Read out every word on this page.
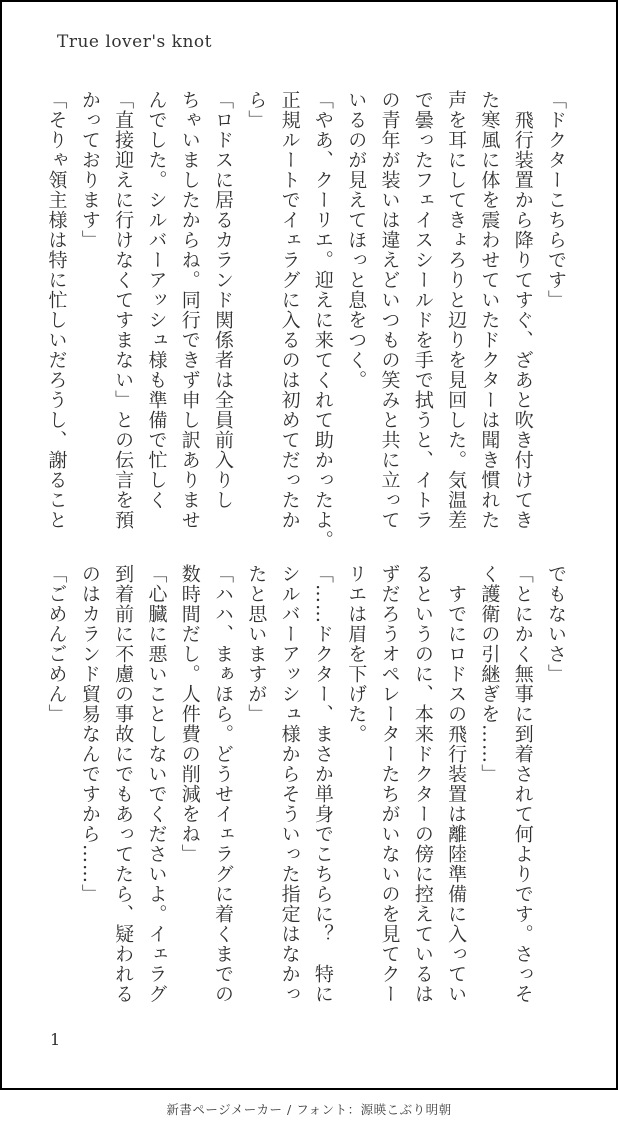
True lover's knot
「ドクターこちらです」
　飛行装置から降りてすぐ、ざあと吹き付けてき
た寒風に体を震わせていたドクターは聞き慣れた
声を耳にしてきょろりと辺りを見回した。気温差
で曇ったフェイスシールドを手で拭うと、イトラ
の青年が装いは違えどいつもの笑みと共に立って
いるのが見えてほっと息をつく。
「やあ、クーリエ。迎えに来てくれて助かったよ。
正規ルートでイェラグに入るのは初めてだったか
ら」
「ロドスに居るカランド関係者は全員前入りし
ちゃいましたからね。同行できず申し訳ありませ
んでした。シルバーアッシュ様も準備で忙しく
「直接迎えに行けなくてすまない」との伝言を預
かっております」
「そりゃ領主様は特に忙しいだろうし、謝ること
でもないさ」
「とにかく無事に到着されて何よりです。さっそ
く護衛の引継ぎを……」
　すでにロドスの飛行装置は離陸準備に入ってい
るというのに、本来ドクターの傍に控えているは
ずだろうオペレーターたちがいないのを見てクー
リエは眉を下げた。
「……ドクター、まさか単身でこちらに？　特に
シルバーアッシュ様からそういった指定はなかっ
たと思いますが」
「ハハ、まぁほら。どうせイェラグに着くまでの
数時間だし。人件費の削減をね」
「心臓に悪いことしないでくださいよ。イェラグ
到着前に不慮の事故にでもあってたら、疑われる
のはカランド貿易なんですから……」
「ごめんごめん」
1
新書ページメーカー / フォント：源暎こぶり明朝
